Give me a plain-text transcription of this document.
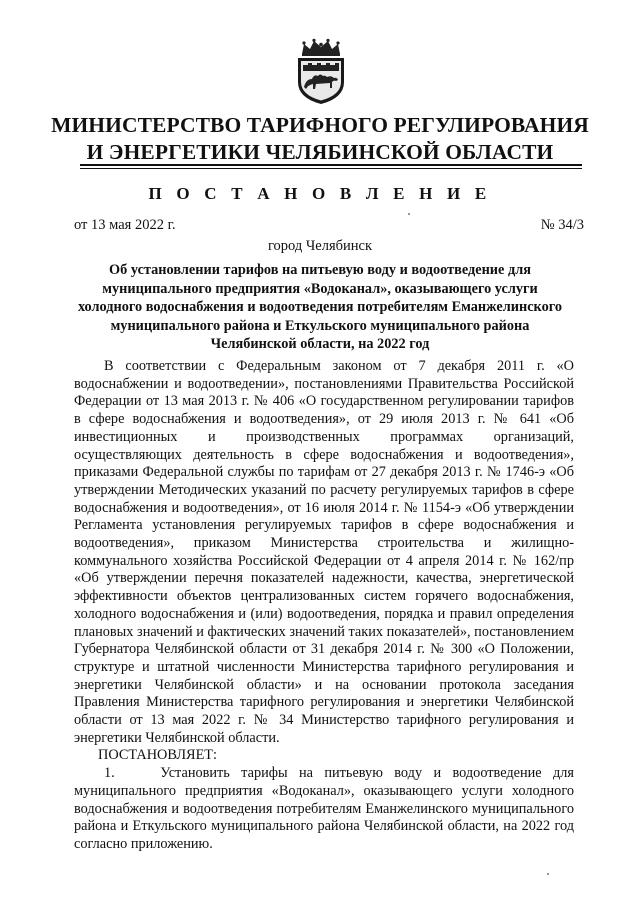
МИНИСТЕРСТВО ТАРИФНОГО РЕГУЛИРОВАНИЯ
И ЭНЕРГЕТИКИ ЧЕЛЯБИНСКОЙ ОБЛАСТИ
П О С Т А Н О В Л Е Н И Е
от 13 мая 2022 г.	№ 34/3
город Челябинск
Об установлении тарифов на питьевую воду и водоотведение для муниципального предприятия «Водоканал», оказывающего услуги холодного водоснабжения и водоотведения потребителям Еманжелинского муниципального района и Еткульского муниципального района Челябинской области, на 2022 год

В соответствии с Федеральным законом от 7 декабря 2011 г. «О водоснабжении и водоотведении», постановлениями Правительства Российской Федерации от 13 мая 2013 г. № 406 «О государственном регулировании тарифов в сфере водоснабжения и водоотведения», от 29 июля 2013 г. № 641 «Об инвестиционных и производственных программах организаций, осуществляющих деятельность в сфере водоснабжения и водоотведения», приказами Федеральной службы по тарифам от 27 декабря 2013 г. № 1746-э «Об утверждении Методических указаний по расчету регулируемых тарифов в сфере водоснабжения и водоотведения», от 16 июля 2014 г. № 1154-э «Об утверждении Регламента установления регулируемых тарифов в сфере водоснабжения и водоотведения», приказом Министерства строительства и жилищно-коммунального хозяйства Российской Федерации от 4 апреля 2014 г. № 162/пр «Об утверждении перечня показателей надежности, качества, энергетической эффективности объектов централизованных систем горячего водоснабжения, холодного водоснабжения и (или) водоотведения, порядка и правил определения плановых значений и фактических значений таких показателей», постановлением Губернатора Челябинской области от 31 декабря 2014 г. № 300 «О Положении, структуре и штатной численности Министерства тарифного регулирования и энергетики Челябинской области» и на основании протокола заседания Правления Министерства тарифного регулирования и энергетики Челябинской области от 13 мая 2022 г. № 34 Министерство тарифного регулирования и энергетики Челябинской области.

ПОСТАНОВЛЯЕТ:

1.	Установить тарифы на питьевую воду и водоотведение для муниципального предприятия «Водоканал», оказывающего услуги холодного водоснабжения и водоотведения потребителям Еманжелинского муниципального района и Еткульского муниципального района Челябинской области, на 2022 год согласно приложению.
